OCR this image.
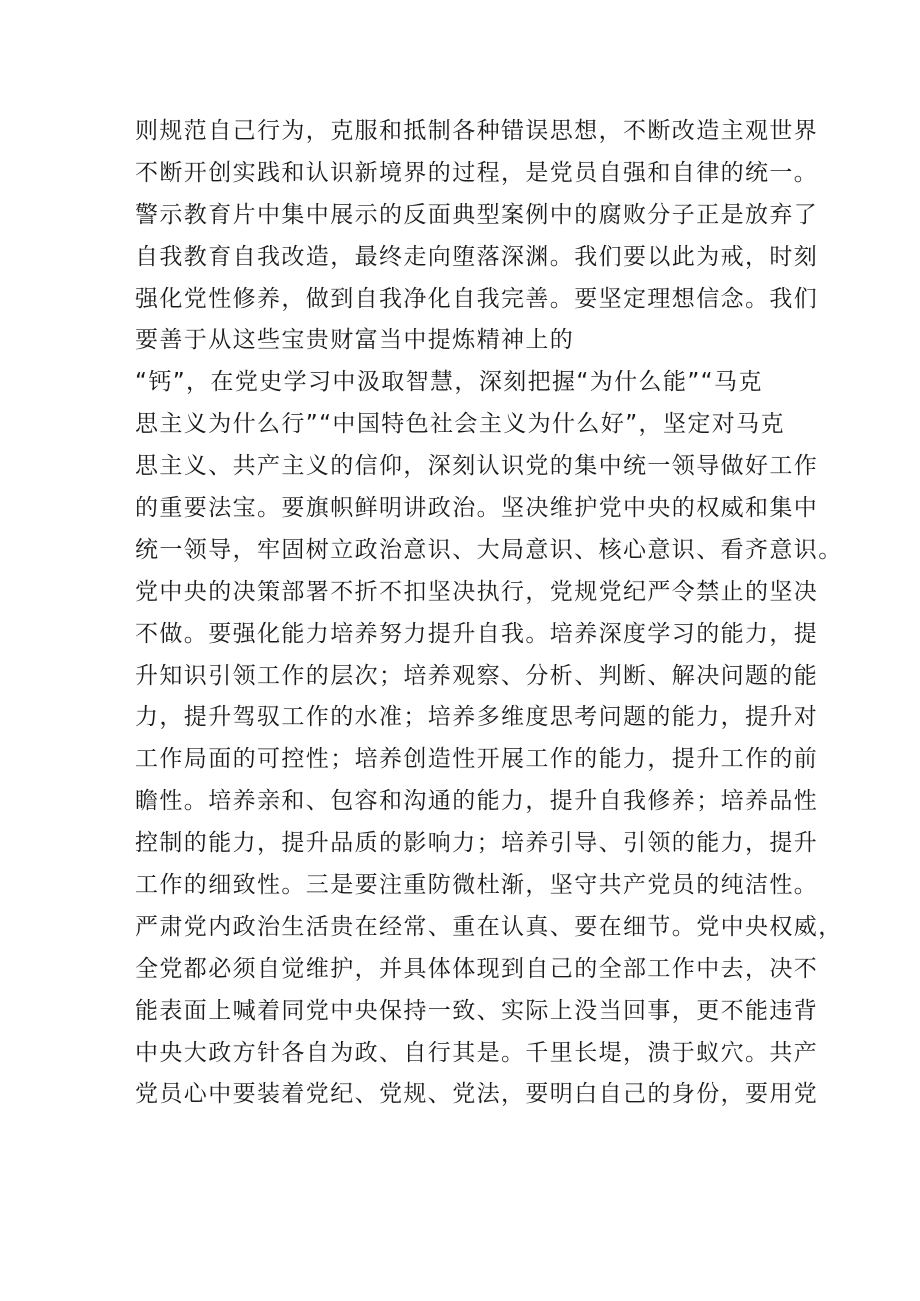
则规范自己行为，克服和抵制各种错误思想，不断改造主观世界
不断开创实践和认识新境界的过程，是党员自强和自律的统一。
警示教育片中集中展示的反面典型案例中的腐败分子正是放弃了
自我教育自我改造，最终走向堕落深渊。我们要以此为戒，时刻
强化党性修养，做到自我净化自我完善。要坚定理想信念。我们
要善于从这些宝贵财富当中提炼精神上的
“钙”，在党史学习中汲取智慧，深刻把握“为什么能”“马克
思主义为什么行”“中国特色社会主义为什么好”，坚定对马克
思主义、共产主义的信仰，深刻认识党的集中统一领导做好工作
的重要法宝。要旗帜鲜明讲政治。坚决维护党中央的权威和集中
统一领导，牢固树立政治意识、大局意识、核心意识、看齐意识。
党中央的决策部署不折不扣坚决执行，党规党纪严令禁止的坚决
不做。要强化能力培养努力提升自我。培养深度学习的能力，提
升知识引领工作的层次；培养观察、分析、判断、解决问题的能
力，提升驾驭工作的水准；培养多维度思考问题的能力，提升对
工作局面的可控性；培养创造性开展工作的能力，提升工作的前
瞻性。培养亲和、包容和沟通的能力，提升自我修养；培养品性
控制的能力，提升品质的影响力；培养引导、引领的能力，提升
工作的细致性。三是要注重防微杜渐，坚守共产党员的纯洁性。
严肃党内政治生活贵在经常、重在认真、要在细节。党中央权威，
全党都必须自觉维护，并具体体现到自己的全部工作中去，决不
能表面上喊着同党中央保持一致、实际上没当回事，更不能违背
中央大政方针各自为政、自行其是。千里长堤，溃于蚁穴。共产
党员心中要装着党纪、党规、党法，要明白自己的身份，要用党
